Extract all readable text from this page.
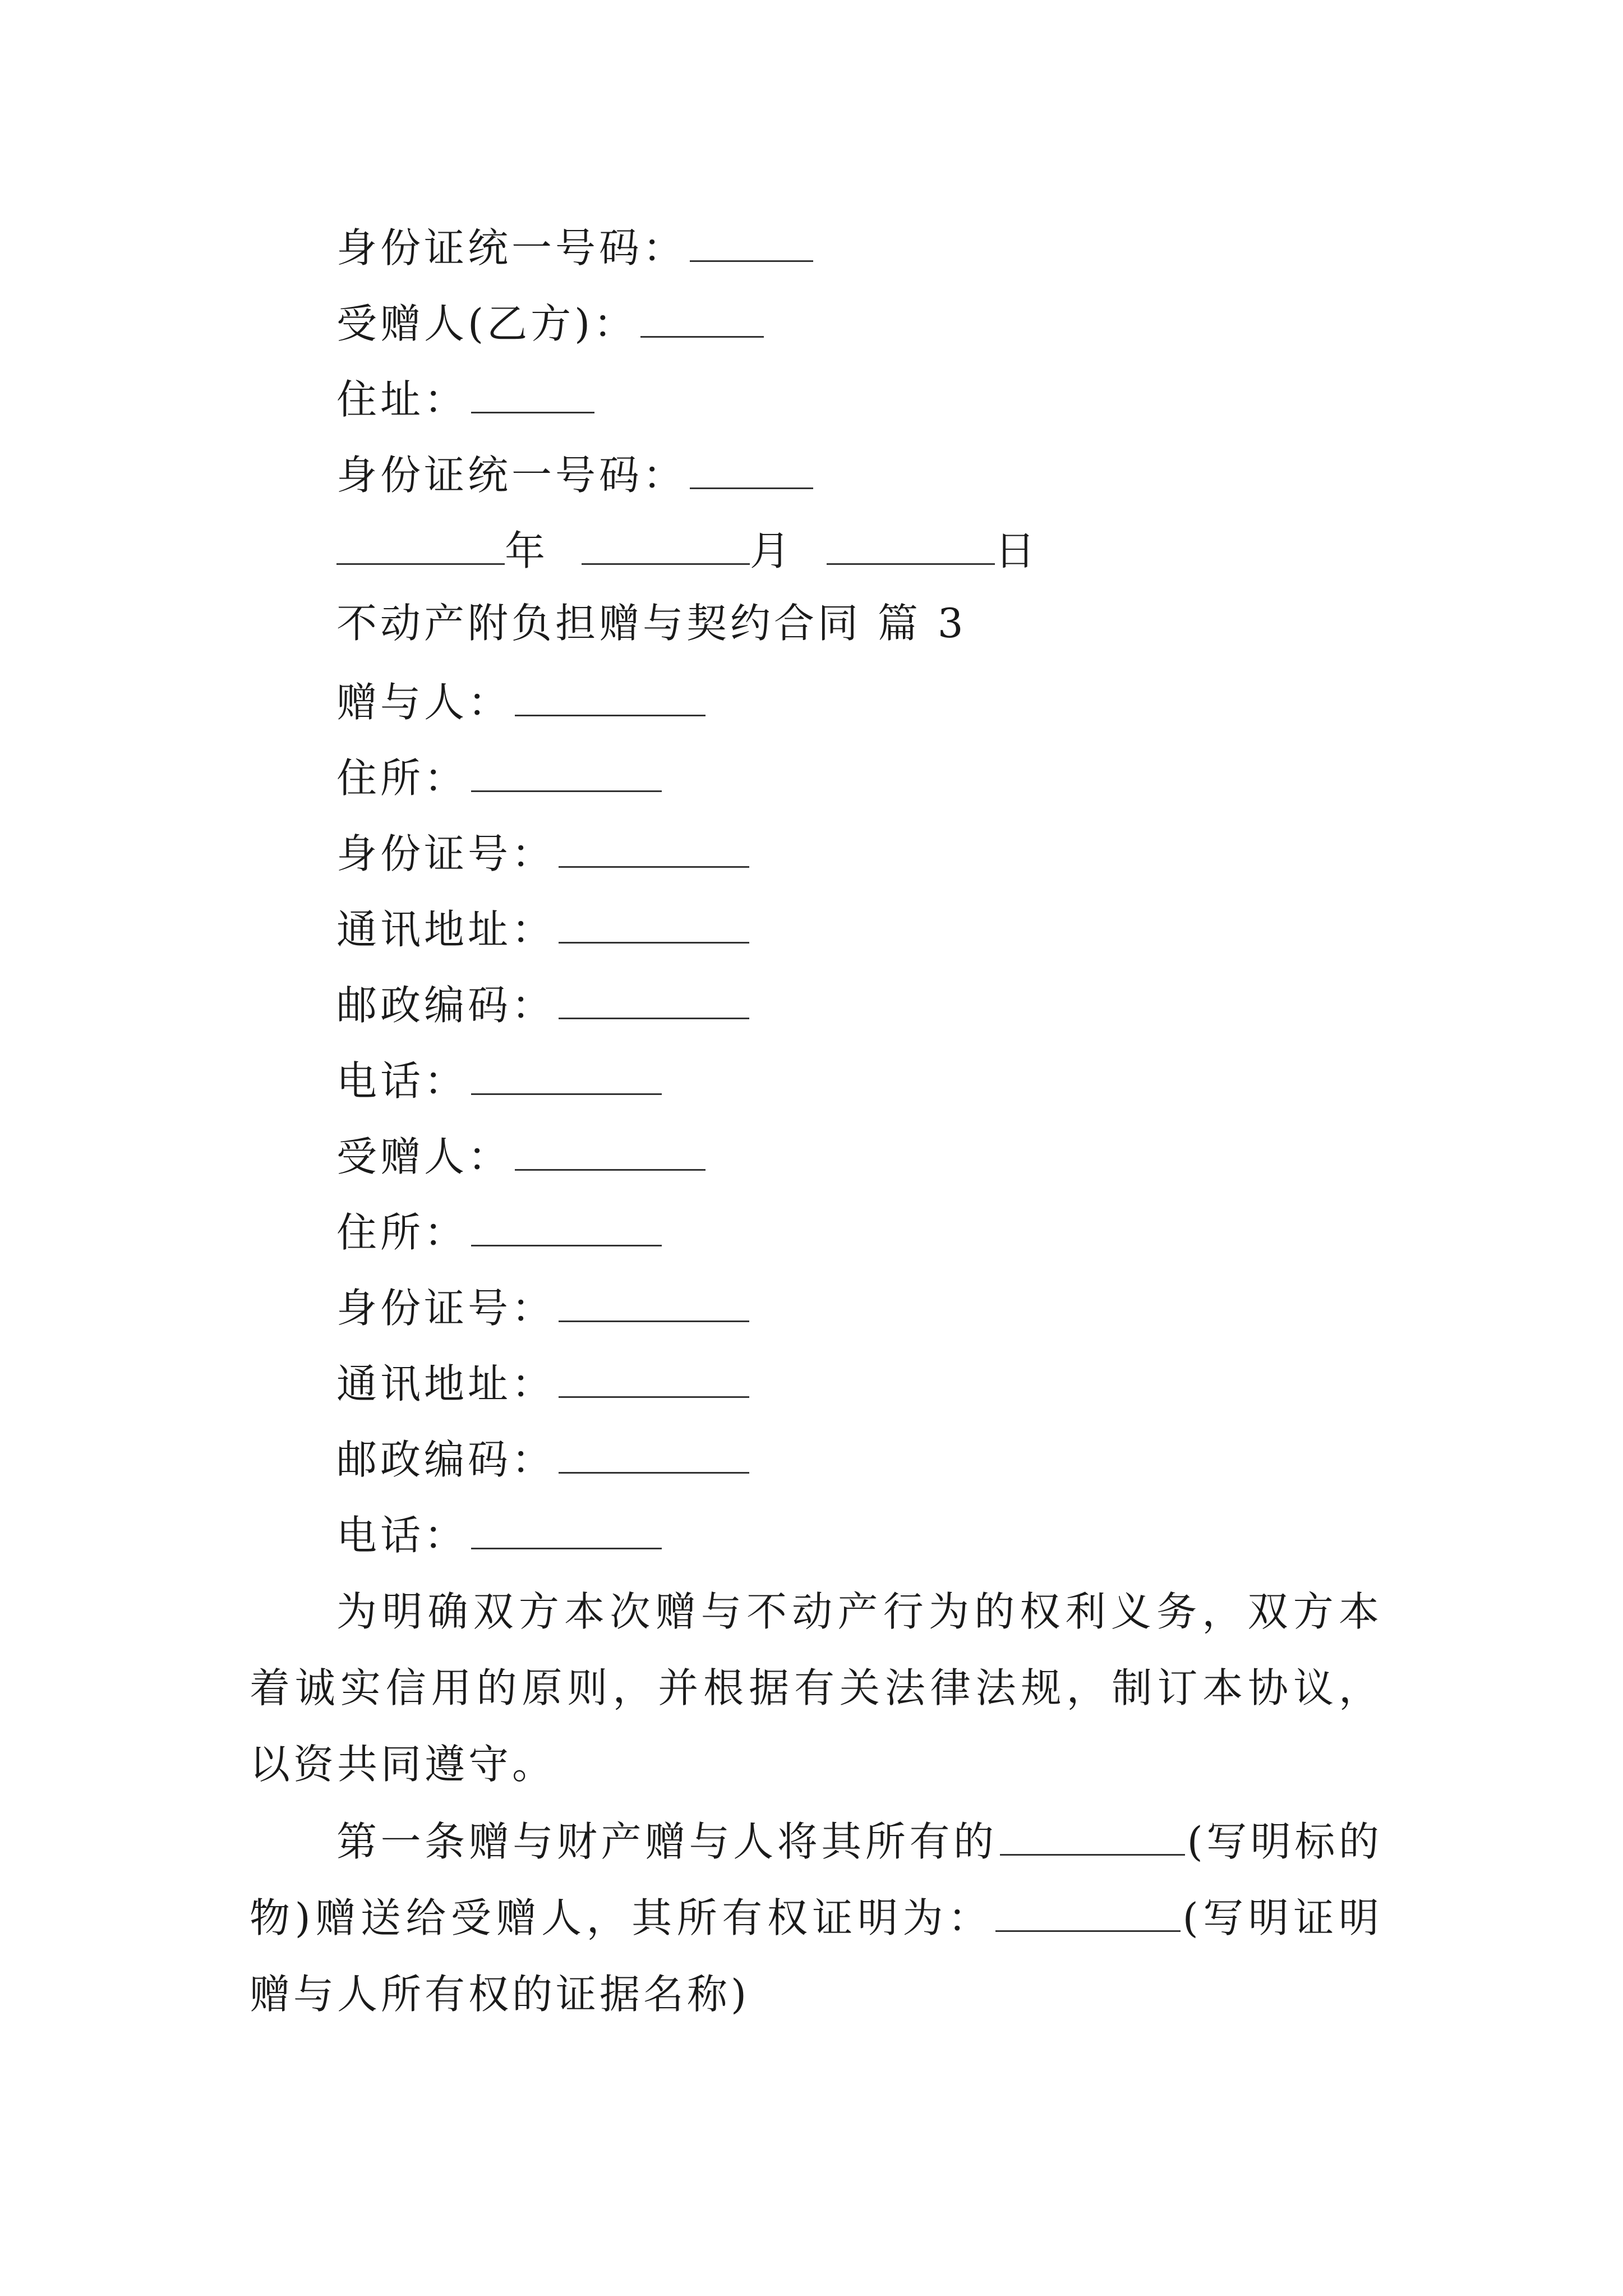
身份证统一号码：
受赠人(乙方)：
住址：
身份证统一号码：
年	月	日
不动产附负担赠与契约合同 篇 3
赠与人：
住所：
身份证号：
通讯地址：
邮政编码：
电话：
受赠人：
住所：
身份证号：
通讯地址：
邮政编码：
电话：
为明确双方本次赠与不动产行为的权利义务，双方本着诚实信用的原则，并根据有关法律法规，制订本协议，以资共同遵守。
第一条赠与财产赠与人将其所有的	(写明标的物)赠送给受赠人，其所有权证明为：	(写明证明赠与人所有权的证据名称)
